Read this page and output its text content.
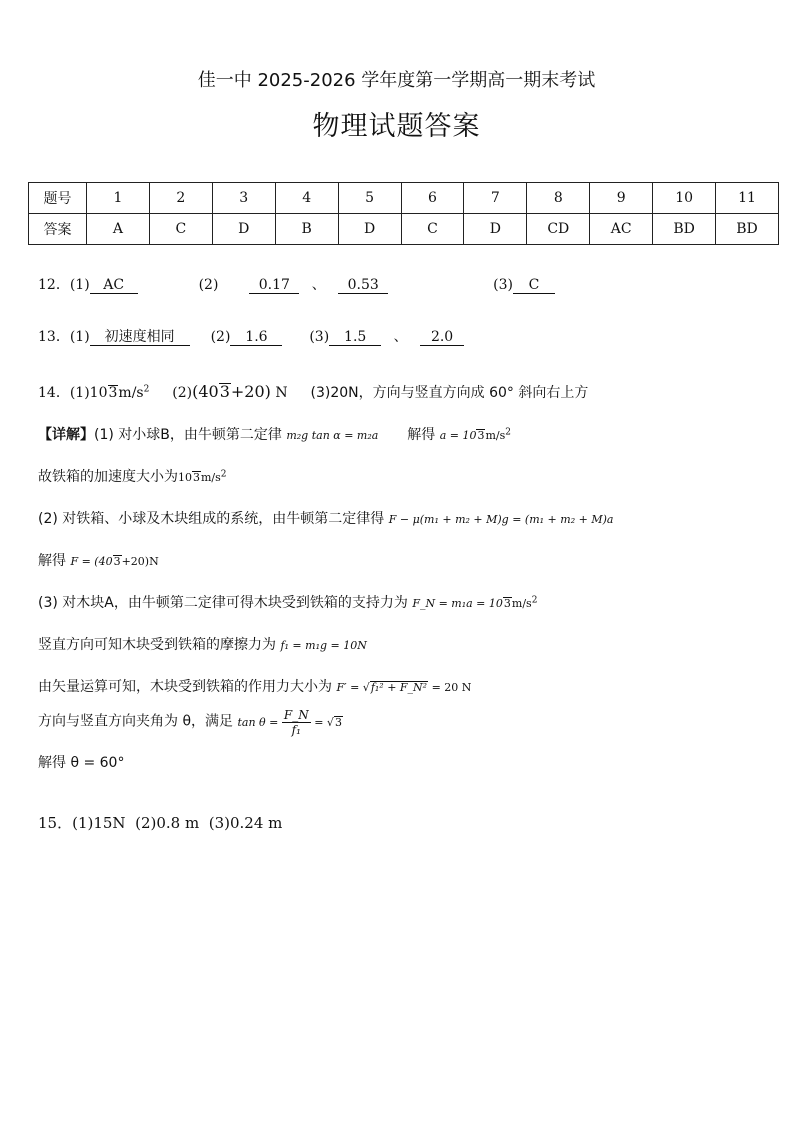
佳一中 2025-2026 学年度第一学期高一期末考试
物理试题答案
题号	1	2	3	4	5	6	7	8	9	10	11
答案	A	C	D	B	D	C	D	CD	AC	BD	BD
12．(1) AC	(2)	0.17 、 0.53	(3) C
13．(1) 初速度相同	(2) 1.6	(3) 1.5 、 2.0
14．$(1)103m/s^2$ (2)(403+20) N (3)20N，方向与竖直方向成 60° 斜向右上方
【详解】(1) 对小球B，由牛顿第二定律 m₂g tan α = m₂a 解得 $a = 103m/s^2$
故铁箱的加速度大小为$103m/s^2$
(2) 对铁箱、小球及木块组成的系统，由牛顿第二定律得 F − μ(m₁ + m₂ + M)g = (m₁ + m₂ + M)a
解得 F = (403+20)N
(3) 对木块A，由牛顿第二定律可得木块受到铁箱的支持力为 F_N = $m_1a = 103m/s^2$
竖直方向可知木块受到铁箱的摩擦力为 f₁ = m₁g = 10N
由矢量运算可知，木块受到铁箱的作用力大小为 F′ = √f₁² + F_N² = 20 N
方向与竖直方向夹角为 θ，满足 $\tan \theta = \frac{F\_N}{\text{f₁}} = √3$
解得 θ = 60°
15．(1)15N  (2)0.8 m  (3)0.24 m
